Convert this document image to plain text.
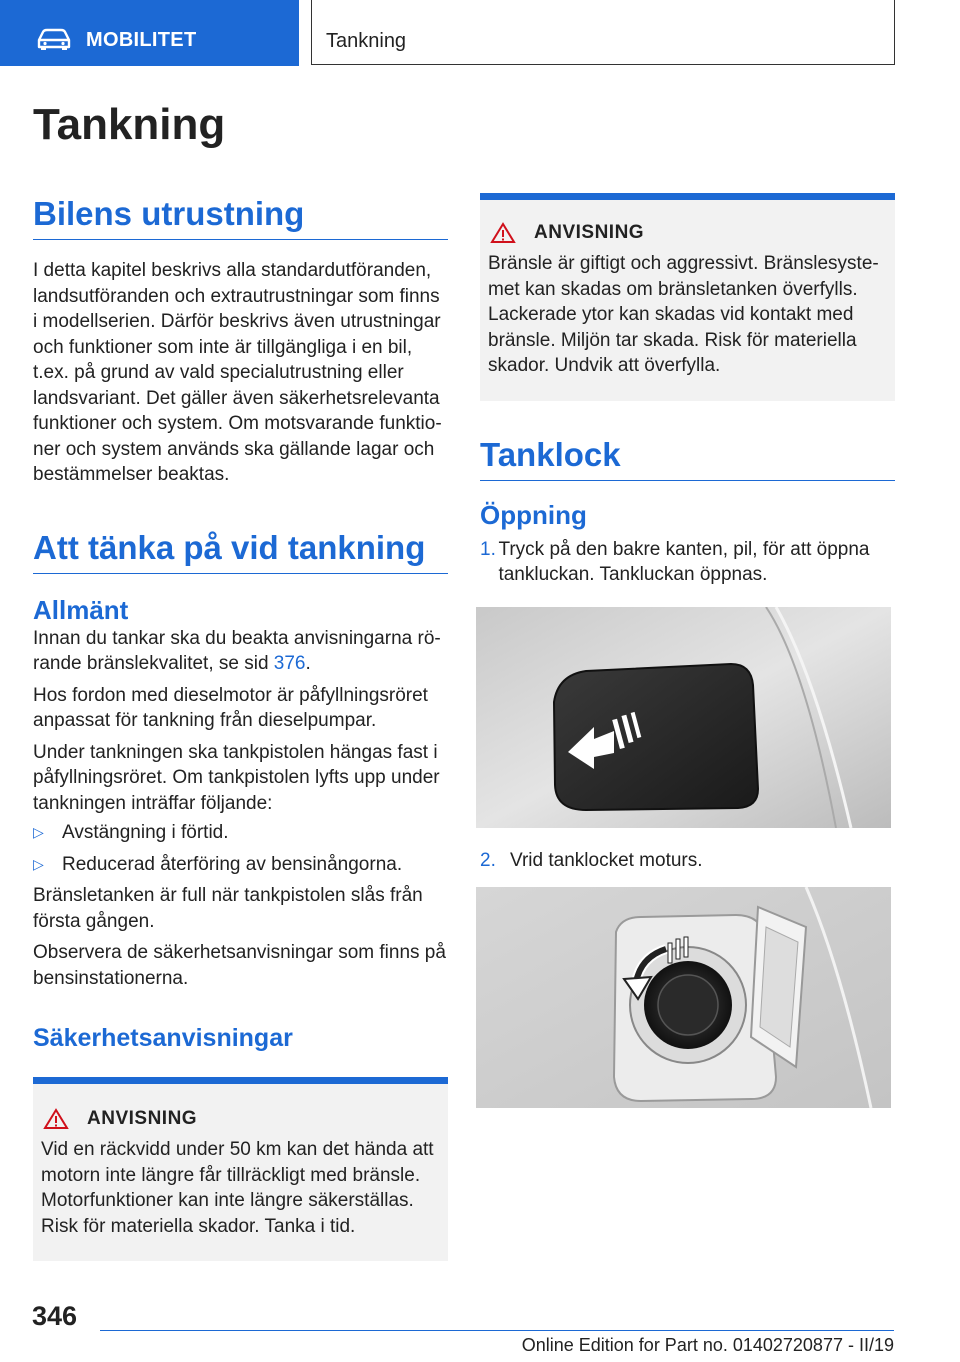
MOBILITET	Tankning
Tankning
Bilens utrustning

I detta kapitel beskrivs alla standardutföranden, landsutföranden och extrautrustningar som finns i modellserien. Därför beskrivs även utrustningar och funktioner som inte är tillgängliga i en bil, t.ex. på grund av vald specialutrustning eller landsvariant. Det gäller även säkerhetsrelevanta funktioner och system. Om motsvarande funktioner och system används ska gällande lagar och bestämmelser beaktas.

Att tänka på vid tankning
Allmänt

Innan du tankar ska du beakta anvisningarna rörande bränslekvalitet, se sid 376.

Hos fordon med dieselmotor är påfyllningsröret anpassat för tankning från dieselpumpar.

Under tankningen ska tankpistolen hängas fast i påfyllningsröret. Om tankpistolen lyfts upp under tankningen inträffar följande:

▷ Avstängning i förtid.
▷ Reducerad återföring av bensinångorna.

Bränsletanken är full när tankpistolen slås från första gången.

Observera de säkerhetsanvisningar som finns på bensinstationerna.

Säkerhetsanvisningar
ANVISNING

Vid en räckvidd under 50 km kan det hända att motorn inte längre får tillräckligt med bränsle. Motorfunktioner kan inte längre säkerställas. Risk för materiella skador. Tanka i tid.

ANVISNING

Bränsle är giftigt och aggressivt. Bränslesystemet kan skadas om bränsletanken överfylls. Lackerade ytor kan skadas vid kontakt med bränsle. Miljön tar skada. Risk för materiella skador. Undvik att överfylla.

Tanklock
Öppning
1. Tryck på den bakre kanten, pil, för att öppna tankluckan. Tankluckan öppnas.
2. Vrid tanklocket moturs.
346
Online Edition for Part no. 01402720877 - II/19
